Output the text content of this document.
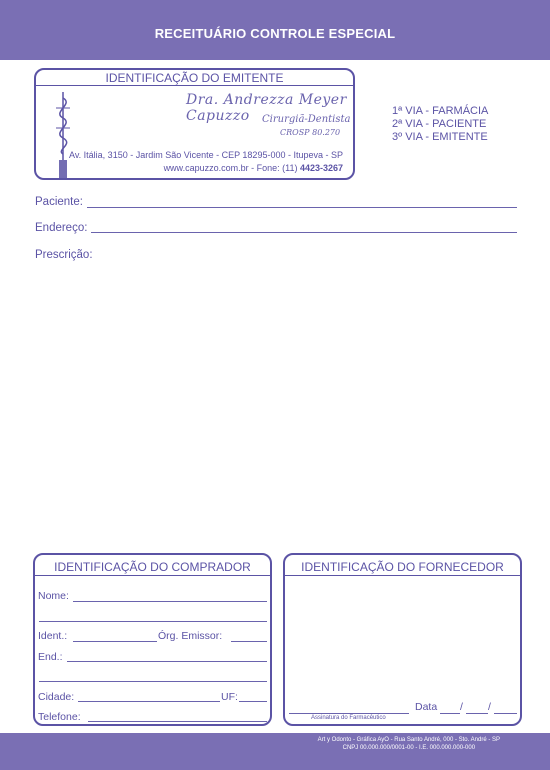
RECEITUÁRIO CONTROLE ESPECIAL
IDENTIFICAÇÃO DO EMITENTE
Dra. Andrezza Meyer Capuzzo	Cirurgiã-Dentista
CROSP 80.270
Av. Itália, 3150 - Jardim São Vicente - CEP 18295-000 - Itupeva - SP
www.capuzzo.com.br - Fone: (11) 4423-3267
1ª VIA - FARMÁCIA
2ª VIA - PACIENTE
3º VIA - EMITENTE
Paciente:
Endereço:
Prescrição:
IDENTIFICAÇÃO DO COMPRADOR
Nome:
Ident.:	Órg. Emissor:
End.:
Cidade:	UF:
Telefone:
IDENTIFICAÇÃO DO FORNECEDOR
Assinatura do Farmacêutico
Data / /
Art y Odonto - Gráfica AyO - Rua Santo André, 000 - Sto. André - SP
CNPJ 00.000.000/0001-00 - I.E. 000.000.000-000
